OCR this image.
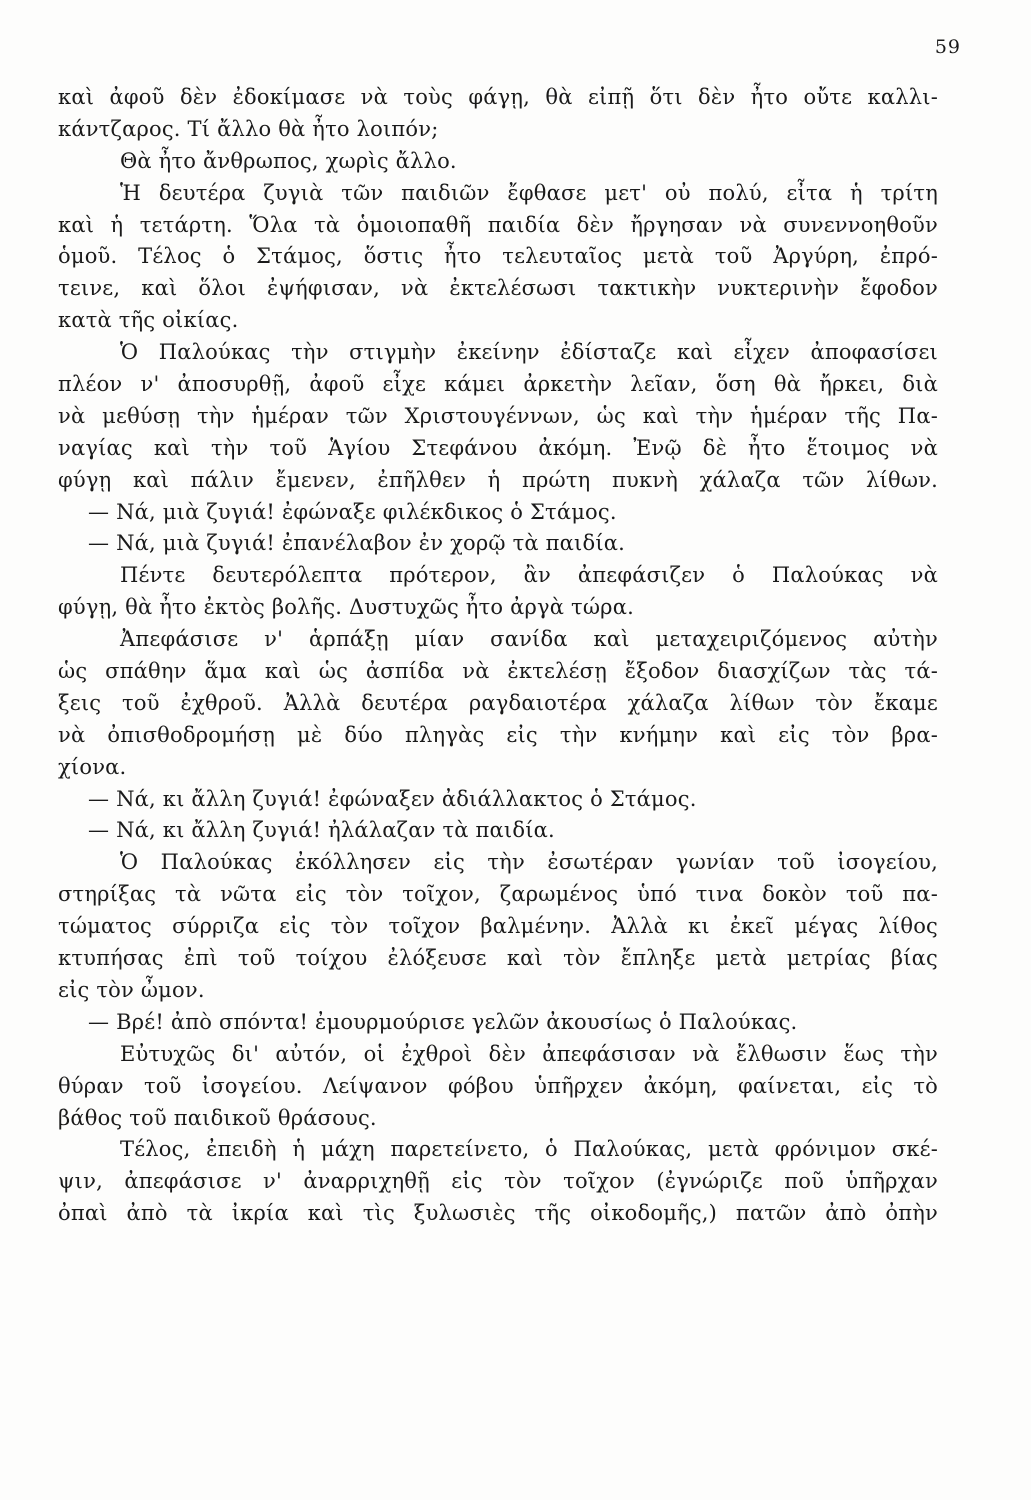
59
καὶ ἀφοῦ δὲν ἐδοκίμασε νὰ τοὺς φάγῃ, θὰ εἰπῇ ὅτι δὲν ἦτο οὔτε καλλι-
κάντζαρος. Τί ἄλλο θὰ ἦτο λοιπόν;
Θὰ ἦτο ἄνθρωπος, χωρὶς ἄλλο.
Ἡ δευτέρα ζυγιὰ τῶν παιδιῶν ἔφθασε μετ' οὐ πολύ, εἶτα ἡ τρίτη
καὶ ἡ τετάρτη. Ὅλα τὰ ὁμοιοπαθῆ παιδία δὲν ἤργησαν νὰ συνεννοηθοῦν
ὁμοῦ. Τέλος ὁ Στάμος, ὅστις ἦτο τελευταῖος μετὰ τοῦ Ἀργύρη, ἐπρό-
τεινε, καὶ ὅλοι ἐψήφισαν, νὰ ἐκτελέσωσι τακτικὴν νυκτερινὴν ἔφοδον
κατὰ τῆς οἰκίας.
Ὁ Παλούκας τὴν στιγμὴν ἐκείνην ἐδίσταζε καὶ εἶχεν ἀποφασίσει
πλέον ν' ἀποσυρθῇ, ἀφοῦ εἶχε κάμει ἀρκετὴν λεῖαν, ὅση θὰ ἤρκει, διὰ
νὰ μεθύσῃ τὴν ἡμέραν τῶν Χριστουγέννων, ὡς καὶ τὴν ἡμέραν τῆς Πα-
ναγίας καὶ τὴν τοῦ Ἁγίου Στεφάνου ἀκόμη. Ἐνῷ δὲ ἦτο ἕτοιμος νὰ
φύγῃ καὶ πάλιν ἔμενεν, ἐπῆλθεν ἡ πρώτη πυκνὴ χάλαζα τῶν λίθων.
— Νά, μιὰ ζυγιά! ἐφώναξε φιλέκδικος ὁ Στάμος.
— Νά, μιὰ ζυγιά! ἐπανέλαβον ἐν χορῷ τὰ παιδία.
Πέντε δευτερόλεπτα πρότερον, ἂν ἀπεφάσιζεν ὁ Παλούκας νὰ
φύγῃ, θὰ ἦτο ἐκτὸς βολῆς. Δυστυχῶς ἦτο ἀργὰ τώρα.
Ἀπεφάσισε ν' ἁρπάξῃ μίαν σανίδα καὶ μεταχειριζόμενος αὐτὴν
ὡς σπάθην ἅμα καὶ ὡς ἀσπίδα νὰ ἐκτελέσῃ ἔξοδον διασχίζων τὰς τά-
ξεις τοῦ ἐχθροῦ. Ἀλλὰ δευτέρα ραγδαιοτέρα χάλαζα λίθων τὸν ἔκαμε
νὰ ὀπισθοδρομήσῃ μὲ δύο πληγὰς εἰς τὴν κνήμην καὶ εἰς τὸν βρα-
χίονα.
— Νά, κι ἄλλη ζυγιά! ἐφώναξεν ἀδιάλλακτος ὁ Στάμος.
— Νά, κι ἄλλη ζυγιά! ἠλάλαζαν τὰ παιδία.
Ὁ Παλούκας ἐκόλλησεν εἰς τὴν ἐσωτέραν γωνίαν τοῦ ἰσογείου,
στηρίξας τὰ νῶτα εἰς τὸν τοῖχον, ζαρωμένος ὑπό τινα δοκὸν τοῦ πα-
τώματος σύρριζα εἰς τὸν τοῖχον βαλμένην. Ἀλλὰ κι ἐκεῖ μέγας λίθος
κτυπήσας ἐπὶ τοῦ τοίχου ἐλόξευσε καὶ τὸν ἔπληξε μετὰ μετρίας βίας
εἰς τὸν ὦμον.
— Βρέ! ἀπὸ σπόντα! ἐμουρμούρισε γελῶν ἀκουσίως ὁ Παλούκας.
Εὐτυχῶς δι' αὐτόν, οἱ ἐχθροὶ δὲν ἀπεφάσισαν νὰ ἔλθωσιν ἕως τὴν
θύραν τοῦ ἰσογείου. Λείψανον φόβου ὑπῆρχεν ἀκόμη, φαίνεται, εἰς τὸ
βάθος τοῦ παιδικοῦ θράσους.
Τέλος, ἐπειδὴ ἡ μάχη παρετείνετο, ὁ Παλούκας, μετὰ φρόνιμον σκέ-
ψιν, ἀπεφάσισε ν' ἀναρριχηθῇ εἰς τὸν τοῖχον (ἐγνώριζε ποῦ ὑπῆρχαν
ὀπαὶ ἀπὸ τὰ ἰκρία καὶ τὶς ξυλωσιὲς τῆς οἰκοδομῆς,) πατῶν ἀπὸ ὀπὴν
